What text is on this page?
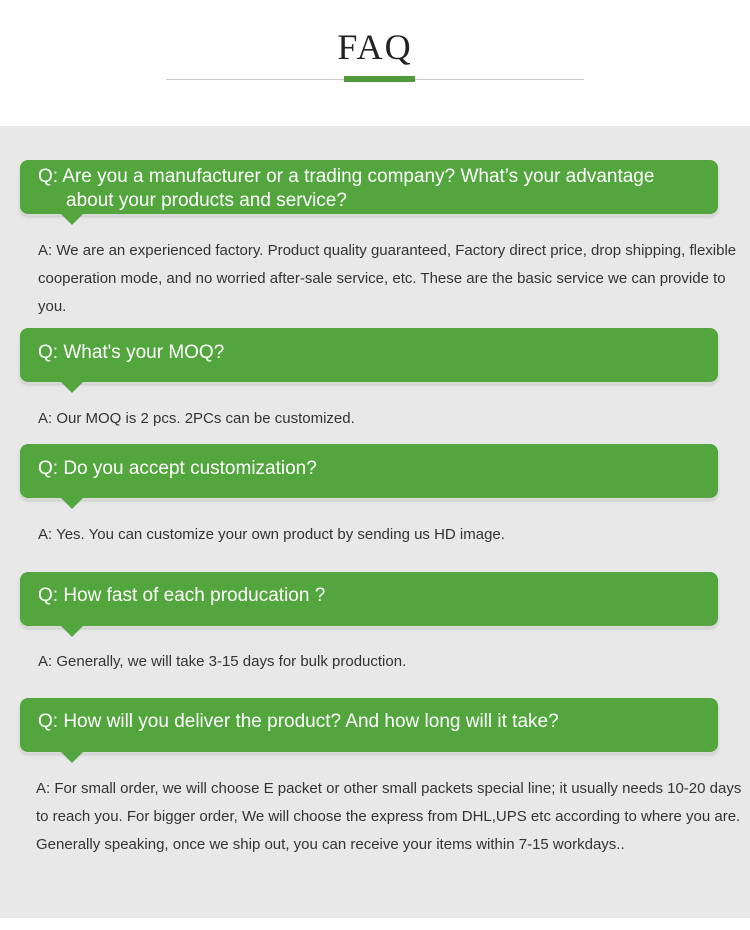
FAQ
Q: Are you a manufacturer or a trading company? What’s your advantage about your products and service?
A: We are an experienced factory. Product quality guaranteed, Factory direct price, drop shipping, flexible cooperation mode, and no worried after-sale service, etc. These are the basic service we can provide to you.
Q: What's your MOQ?
A: Our MOQ is 2 pcs. 2PCs can be customized.
Q: Do you accept customization?
A: Yes. You can customize your own product by sending us HD image.
Q: How fast of each producation ?
A: Generally, we will take 3-15 days for bulk production.
Q: How will you deliver the product? And how long will it take?
A: For small order, we will choose E packet or other small packets special line; it usually needs 10-20 days to reach you. For bigger order, We will choose the express from DHL,UPS etc according to where you are. Generally speaking, once we ship out, you can receive your items within 7-15 workdays..
